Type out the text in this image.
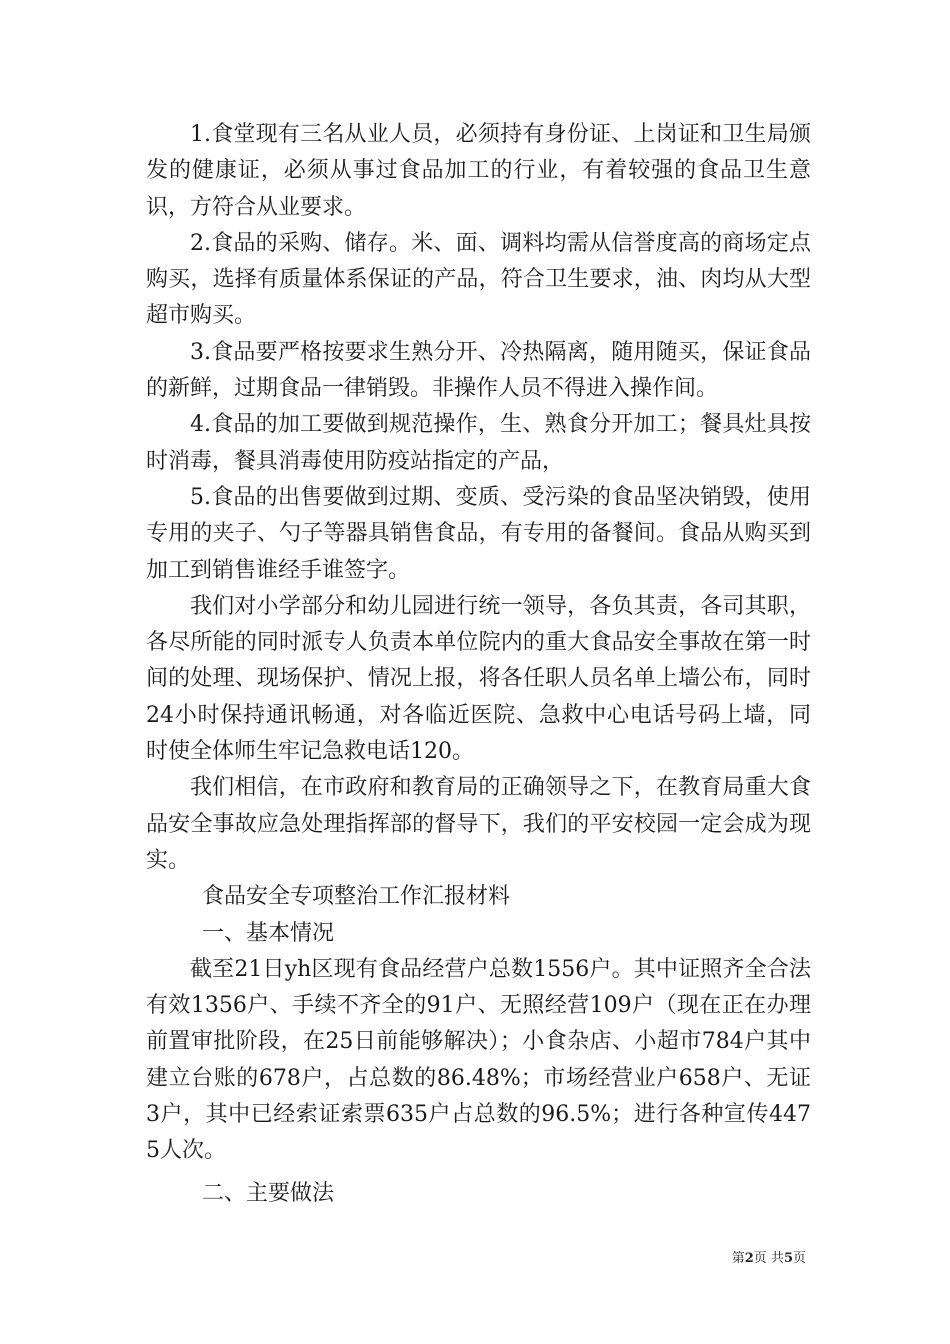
1.食堂现有三名从业人员，必须持有身份证、上岗证和卫生局颁发的健康证，必须从事过食品加工的行业，有着较强的食品卫生意识，方符合从业要求。

2.食品的采购、储存。米、面、调料均需从信誉度高的商场定点购买，选择有质量体系保证的产品，符合卫生要求，油、肉均从大型超市购买。

3.食品要严格按要求生熟分开、冷热隔离，随用随买，保证食品的新鲜，过期食品一律销毁。非操作人员不得进入操作间。

4.食品的加工要做到规范操作，生、熟食分开加工；餐具灶具按时消毒，餐具消毒使用防疫站指定的产品，

5.食品的出售要做到过期、变质、受污染的食品坚决销毁，使用专用的夹子、勺子等器具销售食品，有专用的备餐间。食品从购买到加工到销售谁经手谁签字。

我们对小学部分和幼儿园进行统一领导，各负其责，各司其职，各尽所能的同时派专人负责本单位院内的重大食品安全事故在第一时间的处理、现场保护、情况上报，将各任职人员名单上墙公布，同时24小时保持通讯畅通，对各临近医院、急救中心电话号码上墙，同时使全体师生牢记急救电话120。

我们相信，在市政府和教育局的正确领导之下，在教育局重大食品安全事故应急处理指挥部的督导下，我们的平安校园一定会成为现实。

食品安全专项整治工作汇报材料

一、基本情况

截至21日yh区现有食品经营户总数1556户。其中证照齐全合法有效1356户、手续不齐全的91户、无照经营109户（现在正在办理前置审批阶段，在25日前能够解决）；小食杂店、小超市784户其中建立台账的678户，占总数的86.48%；市场经营业户658户、无证3户，其中已经索证索票635户占总数的96.5%；进行各种宣传4475人次。

二、主要做法

第2页 共5页
